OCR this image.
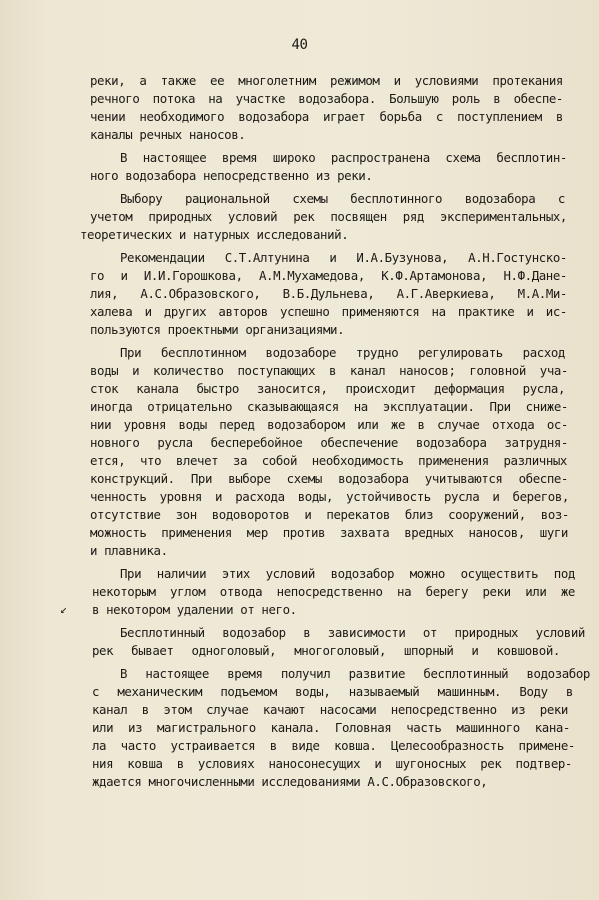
40
↙
реки, а также ее многолетним режимом и условиями протекания
речного потока на участке водозабора. Большую роль в обеспе-
чении необходимого водозабора играет борьба с поступлением в
каналы речных наносов.
В настоящее время широко распространена схема бесплотин-
ного водозабора непосредственно из реки.
Выбору рациональной схемы бесплотинного водозабора с
учетом природных условий рек посвящен ряд экспериментальных,
теоретических и натурных исследований.
Рекомендации С.Т.Алтунина и И.А.Бузунова, А.Н.Гостунско-
го и И.И.Горошкова, А.М.Мухамедова, К.Ф.Артамонова, Н.Ф.Дане-
лия, А.С.Образовского, В.Б.Дульнева, А.Г.Аверкиева, М.А.Ми-
халева и других авторов успешно применяются на практике и ис-
пользуются проектными организациями.
При бесплотинном водозаборе трудно регулировать расход
воды и количество поступающих в канал наносов; головной уча-
сток канала быстро заносится, происходит деформация русла,
иногда отрицательно сказывающаяся на эксплуатации. При сниже-
нии уровня воды перед водозабором или же в случае отхода ос-
новного русла бесперебойное обеспечение водозабора затрудня-
ется, что влечет за собой необходимость применения различных
конструкций. При выборе схемы водозабора учитываются обеспе-
ченность уровня и расхода воды, устойчивость русла и берегов,
отсутствие зон водоворотов и перекатов близ сооружений, воз-
можность применения мер против захвата вредных наносов, шуги
и плавника.
При наличии этих условий водозабор можно осуществить под
некоторым углом отвода непосредственно на берегу реки или же
в некотором удалении от него.
Бесплотинный водозабор в зависимости от природных условий
рек бывает одноголовый, многоголовый, шпорный и ковшовой.
В настоящее время получил развитие бесплотинный водозабор
с механическим подъемом воды, называемый машинным. Воду в
канал в этом случае качают насосами непосредственно из реки
или из магистрального канала. Головная часть машинного кана-
ла часто устраивается в виде ковша. Целесообразность примене-
ния ковша в условиях наносонесущих и шугоносных рек подтвер-
ждается многочисленными исследованиями А.С.Образовского,
